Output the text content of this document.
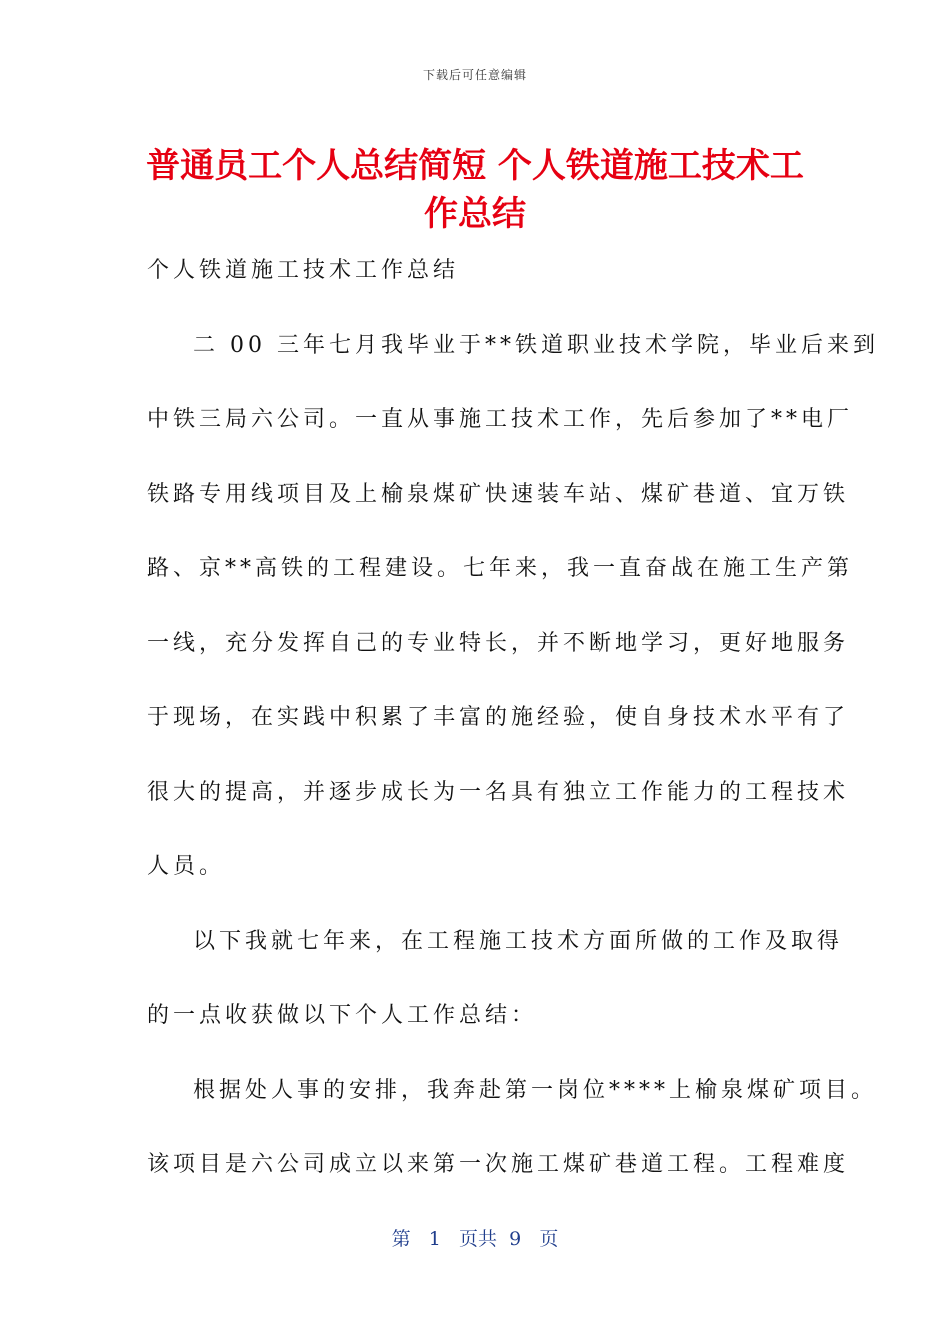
下载后可任意编辑
普通员工个人总结简短 个人铁道施工技术工
作总结
个人铁道施工技术工作总结
二 00 三年七月我毕业于**铁道职业技术学院，毕业后来到
中铁三局六公司。一直从事施工技术工作，先后参加了**电厂
铁路专用线项目及上榆泉煤矿快速装车站、煤矿巷道、宜万铁
路、京**高铁的工程建设。七年来，我一直奋战在施工生产第
一线，充分发挥自己的专业特长，并不断地学习，更好地服务
于现场，在实践中积累了丰富的施经验，使自身技术水平有了
很大的提高，并逐步成长为一名具有独立工作能力的工程技术
人员。
以下我就七年来，在工程施工技术方面所做的工作及取得
的一点收获做以下个人工作总结：
根据处人事的安排，我奔赴第一岗位****上榆泉煤矿项目。
该项目是六公司成立以来第一次施工煤矿巷道工程。工程难度
第 1 页共 9 页
